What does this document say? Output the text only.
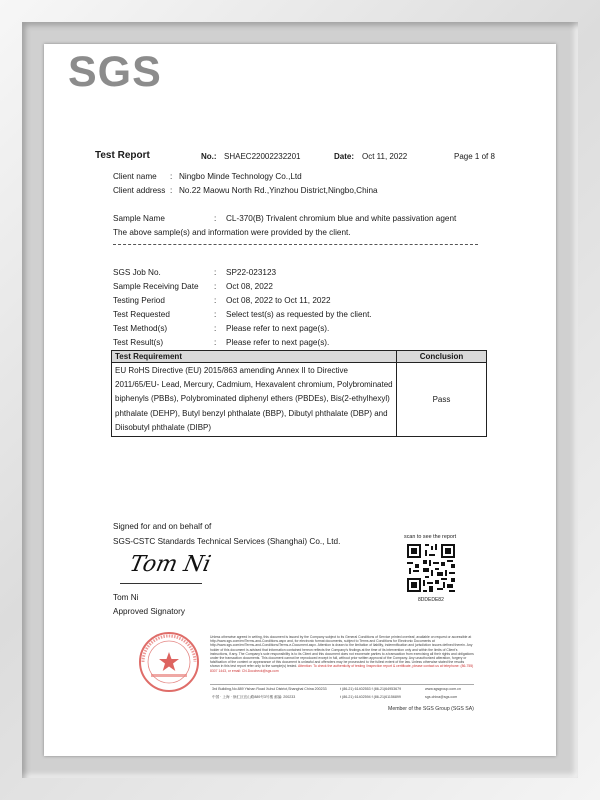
SGS
Test Report	No.: SHAEC22002232201	Date: Oct 11, 2022	Page 1 of 8
Client name : Ningbo Minde Technology Co.,Ltd
Client address : No.22 Maowu North Rd.,Yinzhou District,Ningbo,China
Sample Name	: CL-370(B) Trivalent chromium blue and white passivation agent
The above sample(s) and information were provided by the client.
SGS Job No.	: SP22-023123
Sample Receiving Date : Oct 08, 2022
Testing Period	: Oct 08, 2022 to Oct 11, 2022
Test Requested	: Select test(s) as requested by the client.
Test Method(s)	: Please refer to next page(s).
Test Result(s)	: Please refer to next page(s).
Test Requirement	Conclusion

EU RoHS Directive (EU) 2015/863 amending Annex II to Directive
2011/65/EU- Lead, Mercury, Cadmium, Hexavalent chromium, Polybrominated
biphenyls (PBBs), Polybrominated diphenyl ethers (PBDEs), Bis(2-ethylhexyl)
phthalate (DEHP), Butyl benzyl phthalate (BBP), Dibutyl phthalate (DBP) and
Diisobutyl phthalate (DIBP)	Pass
Signed for and on behalf of
SGS-CSTC Standards Technical Services (Shanghai) Co., Ltd.
Tom Ni
Tom Ni
Approved Signatory
scan to see the report
8DDEDE82
Unless otherwise agreed in writing, this document is issued by the Company subject to its General Conditions of Service printed overleaf, available on request or accessible at http://www.sgs.com/en/Terms-and-Conditions.aspx and, for electronic format documents, subject to Terms and Conditions for Electronic Documents at http://www.sgs.com/en/Terms-and-Conditions/Terms-e-Document.aspx. Attention is drawn to the limitation of liability, indemnification and jurisdiction issues defined therein. Any holder of this document is advised that information contained hereon reflects the Company's findings at the time of its intervention only and within the limits of Client's instructions, if any. The Company's sole responsibility is to its Client and this document does not exonerate parties to a transaction from exercising all their rights and obligations under the transaction documents. This document cannot be reproduced except in full, without prior written approval of the Company. Any unauthorized alteration, forgery or falsification of the content or appearance of this document is unlawful and offenders may be prosecuted to the fullest extent of the law. Unless otherwise stated the results shown in this test report refer only to the sample(s) tested. Attention: To check the authenticity of testing /inspection report & certificate, please contact us at telephone: (86-755) 8307 1443, or email: CN.Doccheck@sgs.com
3rd Building,No.889 Yishan Road Xuhui District,Shanghai China 200233
中国 · 上海 · 徐汇区宜山路889号3号楼 邮编: 200233
t (86-21) 61402553 f (86-21)64953679
t (86-21) 61402594 f (86-21)61156899
www.sgsgroup.com.cn
sgs.china@sgs.com
Member of the SGS Group (SGS SA)
